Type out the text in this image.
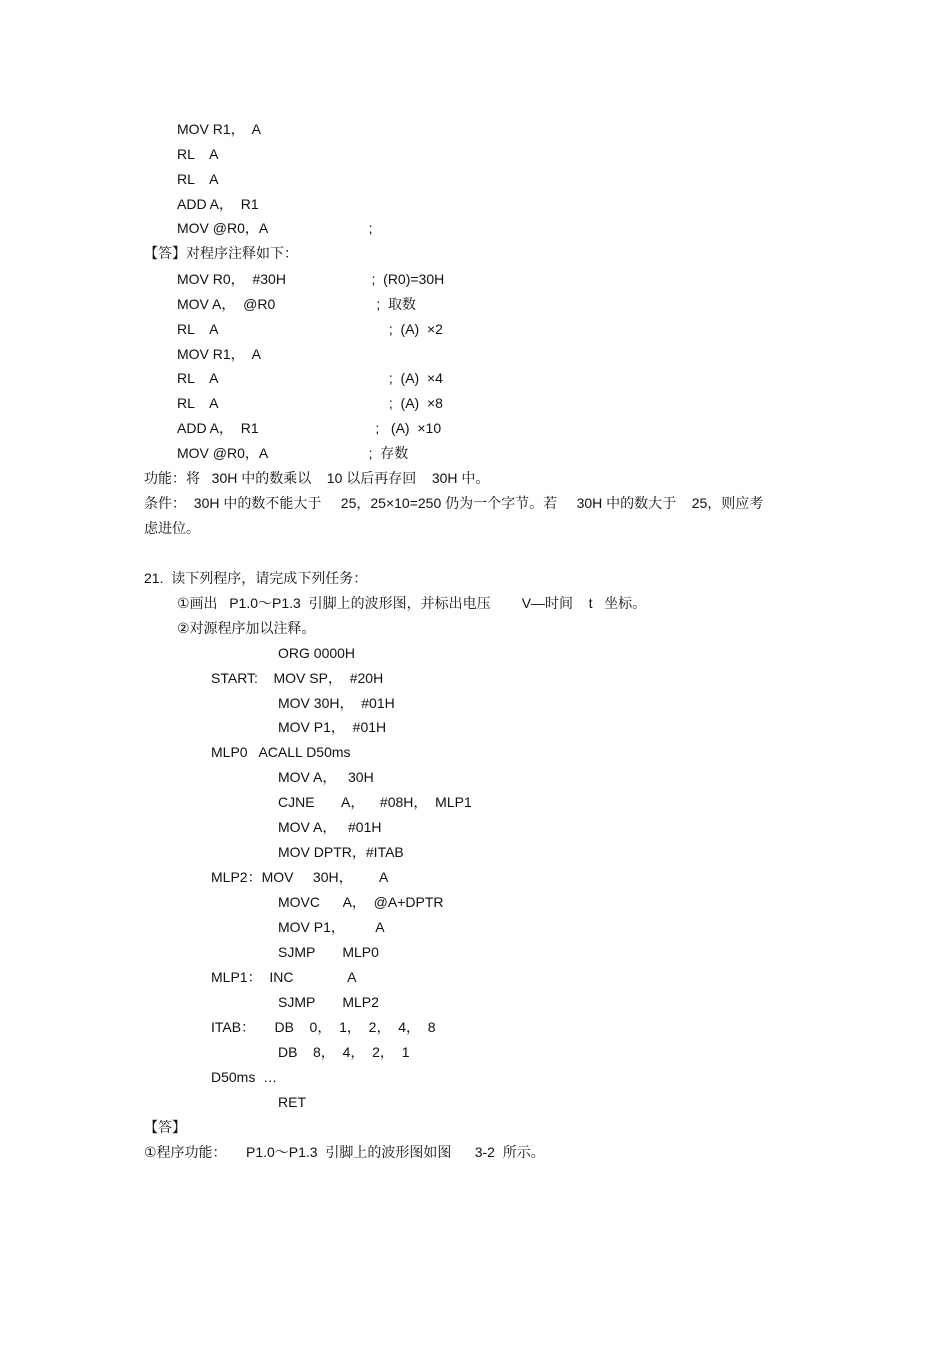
MOV R1，  A
RL    A
RL    A
ADD A，  R1
MOV @R0，A                          ;
【答】对程序注释如下：
MOV R0，  #30H                      ;  (R0)=30H
MOV A，  @R0                          ;  取数
RL    A                                            ;  (A)  ×2
MOV R1，  A
RL    A                                            ;  (A)  ×4
RL    A                                            ;  (A)  ×8
ADD A，  R1                              ;   (A)  ×10
MOV @R0，A                          ;  存数
功能：将   30H 中的数乘以    10 以后再存回    30H 中。
条件：  30H 中的数不能大于     25，25×10=250 仍为一个字节。若     30H 中的数大于    25，则应考
虑进位。
21.  读下列程序，请完成下列任务：
①画出   P1.0～P1.3  引脚上的波形图，并标出电压        V—时间    t   坐标。
②对源程序加以注释。
ORG 0000H
START:    MOV SP，  #20H
MOV 30H，  #01H
MOV P1，  #01H
MLP0   ACALL D50ms
MOV A，   30H
CJNE       A，    #08H，  MLP1
MOV A，   #01H
MOV DPTR，#ITAB
MLP2：MOV     30H，       A
MOVC      A，  @A+DPTR
MOV P1，        A
SJMP       MLP0
MLP1：  INC              A
SJMP       MLP2
ITAB：     DB    0，  1，  2，  4，  8
DB    8，  4，  2，  1
D50ms  …
RET
【答】
①程序功能：     P1.0～P1.3  引脚上的波形图如图      3-2  所示。
